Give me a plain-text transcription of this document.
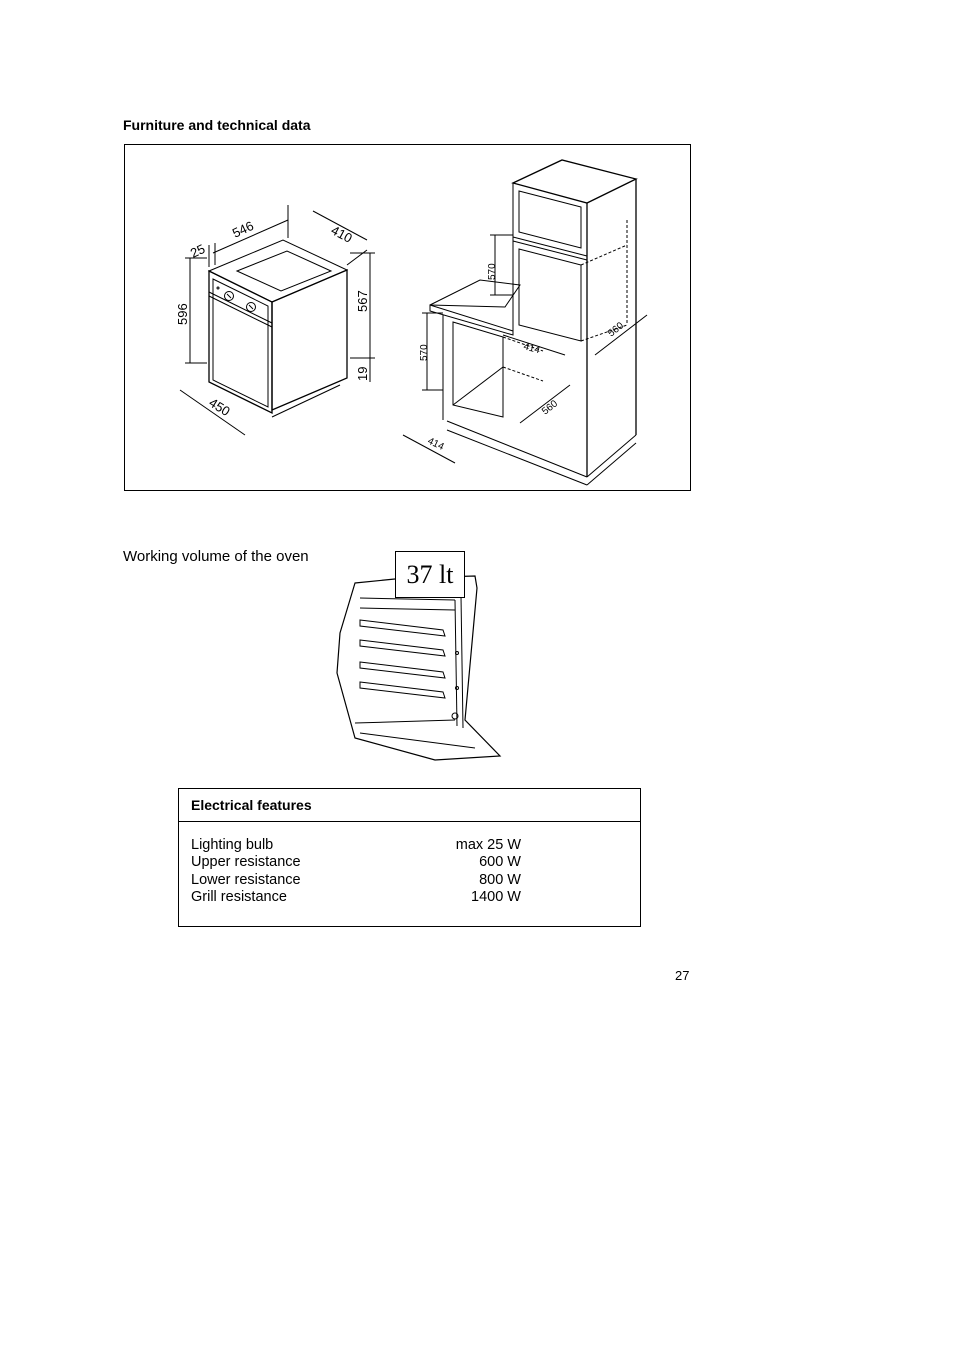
Furniture and technical data
25
546	410
596
567
19
450
570
570	414
560
560
414
Working volume of the oven
37 lt
Electrical features
Lighting bulb	max 25 W
Upper resistance	600 W
Lower resistance	800 W
Grill resistance	1400 W
27
